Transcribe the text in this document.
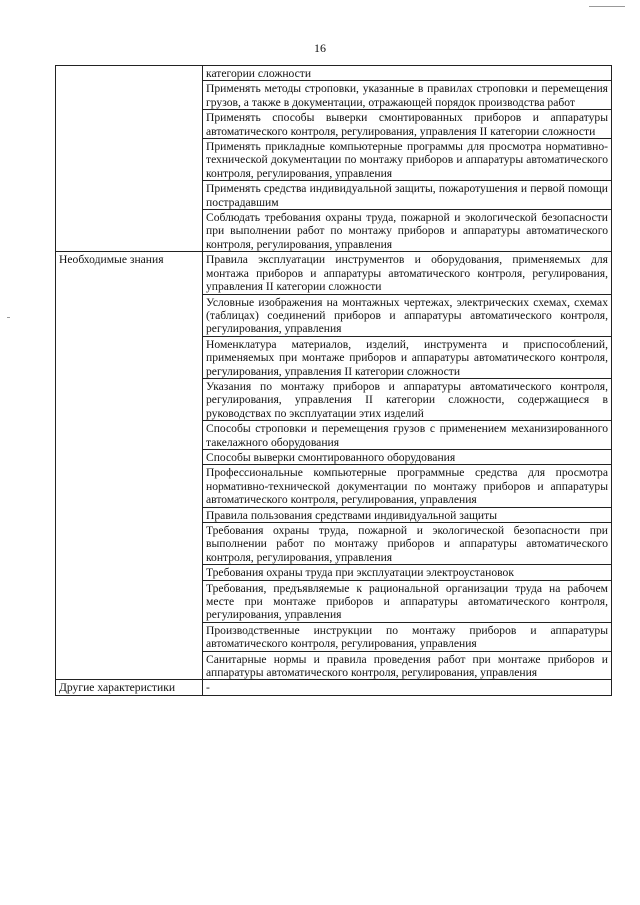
16
	категории сложности
	Применять методы строповки, указанные в правилах строповки и перемещения грузов, а также в документации, отражающей порядок производства работ
	Применять способы выверки смонтированных приборов и аппаратуры автоматического контроля, регулирования, управления II категории сложности
	Применять прикладные компьютерные программы для просмотра нормативно-технической документации по монтажу приборов и аппаратуры автоматического контроля, регулирования, управления
	Применять средства индивидуальной защиты, пожаротушения и первой помощи пострадавшим
	Соблюдать требования охраны труда, пожарной и экологической безопасности при выполнении работ по монтажу приборов и аппаратуры автоматического контроля, регулирования, управления
Необходимые знания	Правила эксплуатации инструментов и оборудования, применяемых для монтажа приборов и аппаратуры автоматического контроля, регулирования, управления II категории сложности
	Условные изображения на монтажных чертежах, электрических схемах, схемах (таблицах) соединений приборов и аппаратуры автоматического контроля, регулирования, управления
	Номенклатура материалов, изделий, инструмента и приспособлений, применяемых при монтаже приборов и аппаратуры автоматического контроля, регулирования, управления II категории сложности
	Указания по монтажу приборов и аппаратуры автоматического контроля, регулирования, управления II категории сложности, содержащиеся в руководствах по эксплуатации этих изделий
	Способы строповки и перемещения грузов с применением механизированного такелажного оборудования
	Способы выверки смонтированного оборудования
	Профессиональные компьютерные программные средства для просмотра нормативно-технической документации по монтажу приборов и аппаратуры автоматического контроля, регулирования, управления
	Правила пользования средствами индивидуальной защиты
	Требования охраны труда, пожарной и экологической безопасности при выполнении работ по монтажу приборов и аппаратуры автоматического контроля, регулирования, управления
	Требования охраны труда при эксплуатации электроустановок
	Требования, предъявляемые к рациональной организации труда на рабочем месте при монтаже приборов и аппаратуры автоматического контроля, регулирования, управления
	Производственные инструкции по монтажу приборов и аппаратуры автоматического контроля, регулирования, управления
	Санитарные нормы и правила проведения работ при монтаже приборов и аппаратуры автоматического контроля, регулирования, управления
Другие характеристики	-
